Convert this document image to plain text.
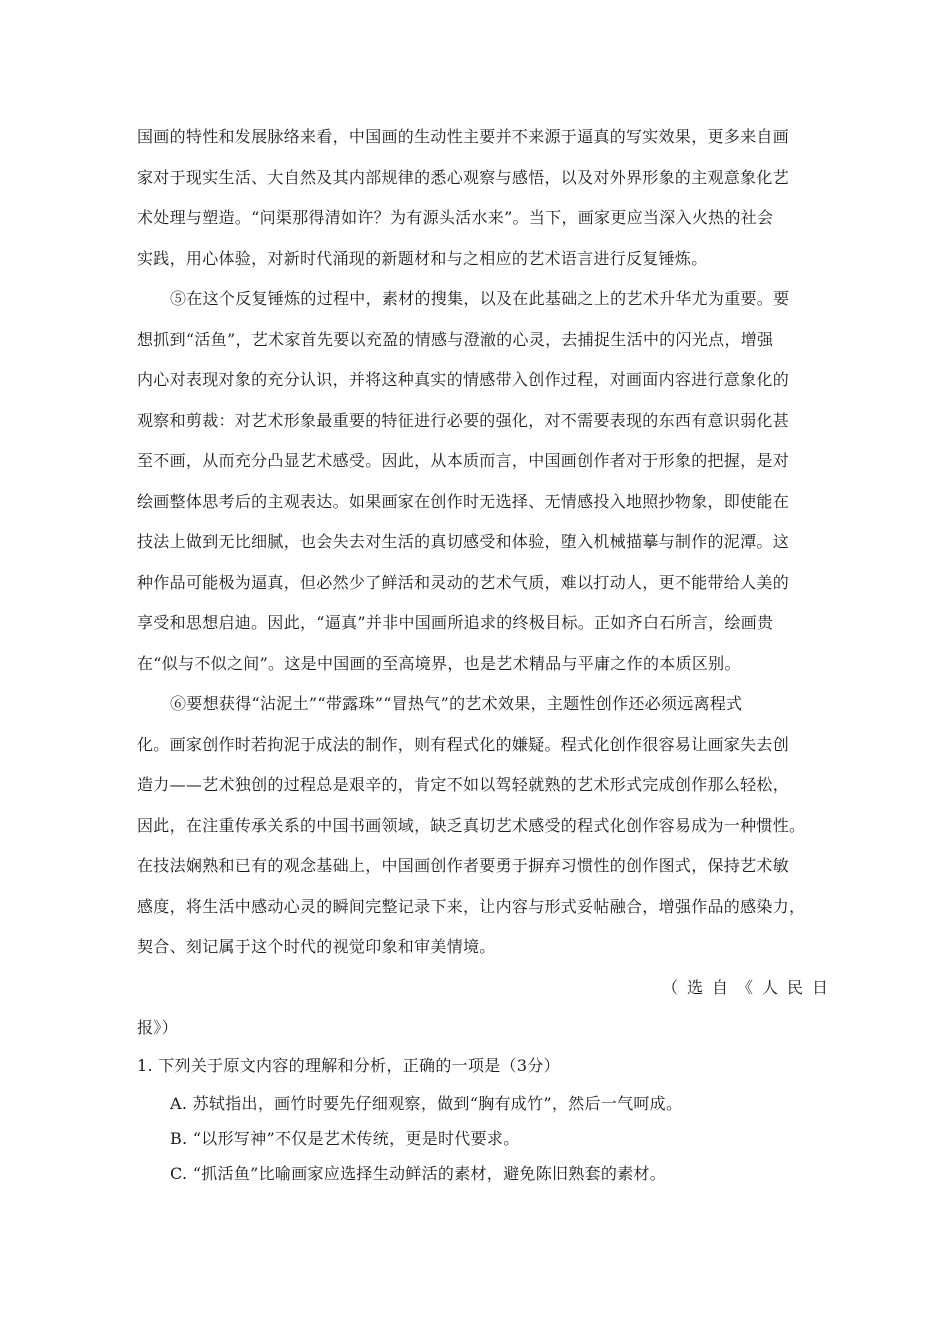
国画的特性和发展脉络来看，中国画的生动性主要并不来源于逼真的写实效果，更多来自画
家对于现实生活、大自然及其内部规律的悉心观察与感悟，以及对外界形象的主观意象化艺
术处理与塑造。“问渠那得清如许？为有源头活水来”。当下，画家更应当深入火热的社会
实践，用心体验，对新时代涌现的新题材和与之相应的艺术语言进行反复锤炼。
⑤在这个反复锤炼的过程中，素材的搜集，以及在此基础之上的艺术升华尤为重要。要
想抓到“活鱼”，艺术家首先要以充盈的情感与澄澈的心灵，去捕捉生活中的闪光点，增强
内心对表现对象的充分认识，并将这种真实的情感带入创作过程，对画面内容进行意象化的
观察和剪裁：对艺术形象最重要的特征进行必要的强化，对不需要表现的东西有意识弱化甚
至不画，从而充分凸显艺术感受。因此，从本质而言，中国画创作者对于形象的把握，是对
绘画整体思考后的主观表达。如果画家在创作时无选择、无情感投入地照抄物象，即使能在
技法上做到无比细腻，也会失去对生活的真切感受和体验，堕入机械描摹与制作的泥潭。这
种作品可能极为逼真，但必然少了鲜活和灵动的艺术气质，难以打动人，更不能带给人美的
享受和思想启迪。因此，“逼真”并非中国画所追求的终极目标。正如齐白石所言，绘画贵
在“似与不似之间”。这是中国画的至高境界，也是艺术精品与平庸之作的本质区别。
⑥要想获得“沾泥土”“带露珠”“冒热气”的艺术效果，主题性创作还必须远离程式
化。画家创作时若拘泥于成法的制作，则有程式化的嫌疑。程式化创作很容易让画家失去创
造力——艺术独创的过程总是艰辛的，肯定不如以驾轻就熟的艺术形式完成创作那么轻松，
因此，在注重传承关系的中国书画领域，缺乏真切艺术感受的程式化创作容易成为一种惯性。
在技法娴熟和已有的观念基础上，中国画创作者要勇于摒弃习惯性的创作图式，保持艺术敏
感度，将生活中感动心灵的瞬间完整记录下来，让内容与形式妥帖融合，增强作品的感染力，
契合、刻记属于这个时代的视觉印象和审美情境。
（选自《人民日
报》）
1. 下列关于原文内容的理解和分析，正确的一项是（3分）
A. 苏轼指出，画竹时要先仔细观察，做到“胸有成竹”，然后一气呵成。
B. “以形写神”不仅是艺术传统，更是时代要求。
C. “抓活鱼”比喻画家应选择生动鲜活的素材，避免陈旧熟套的素材。
